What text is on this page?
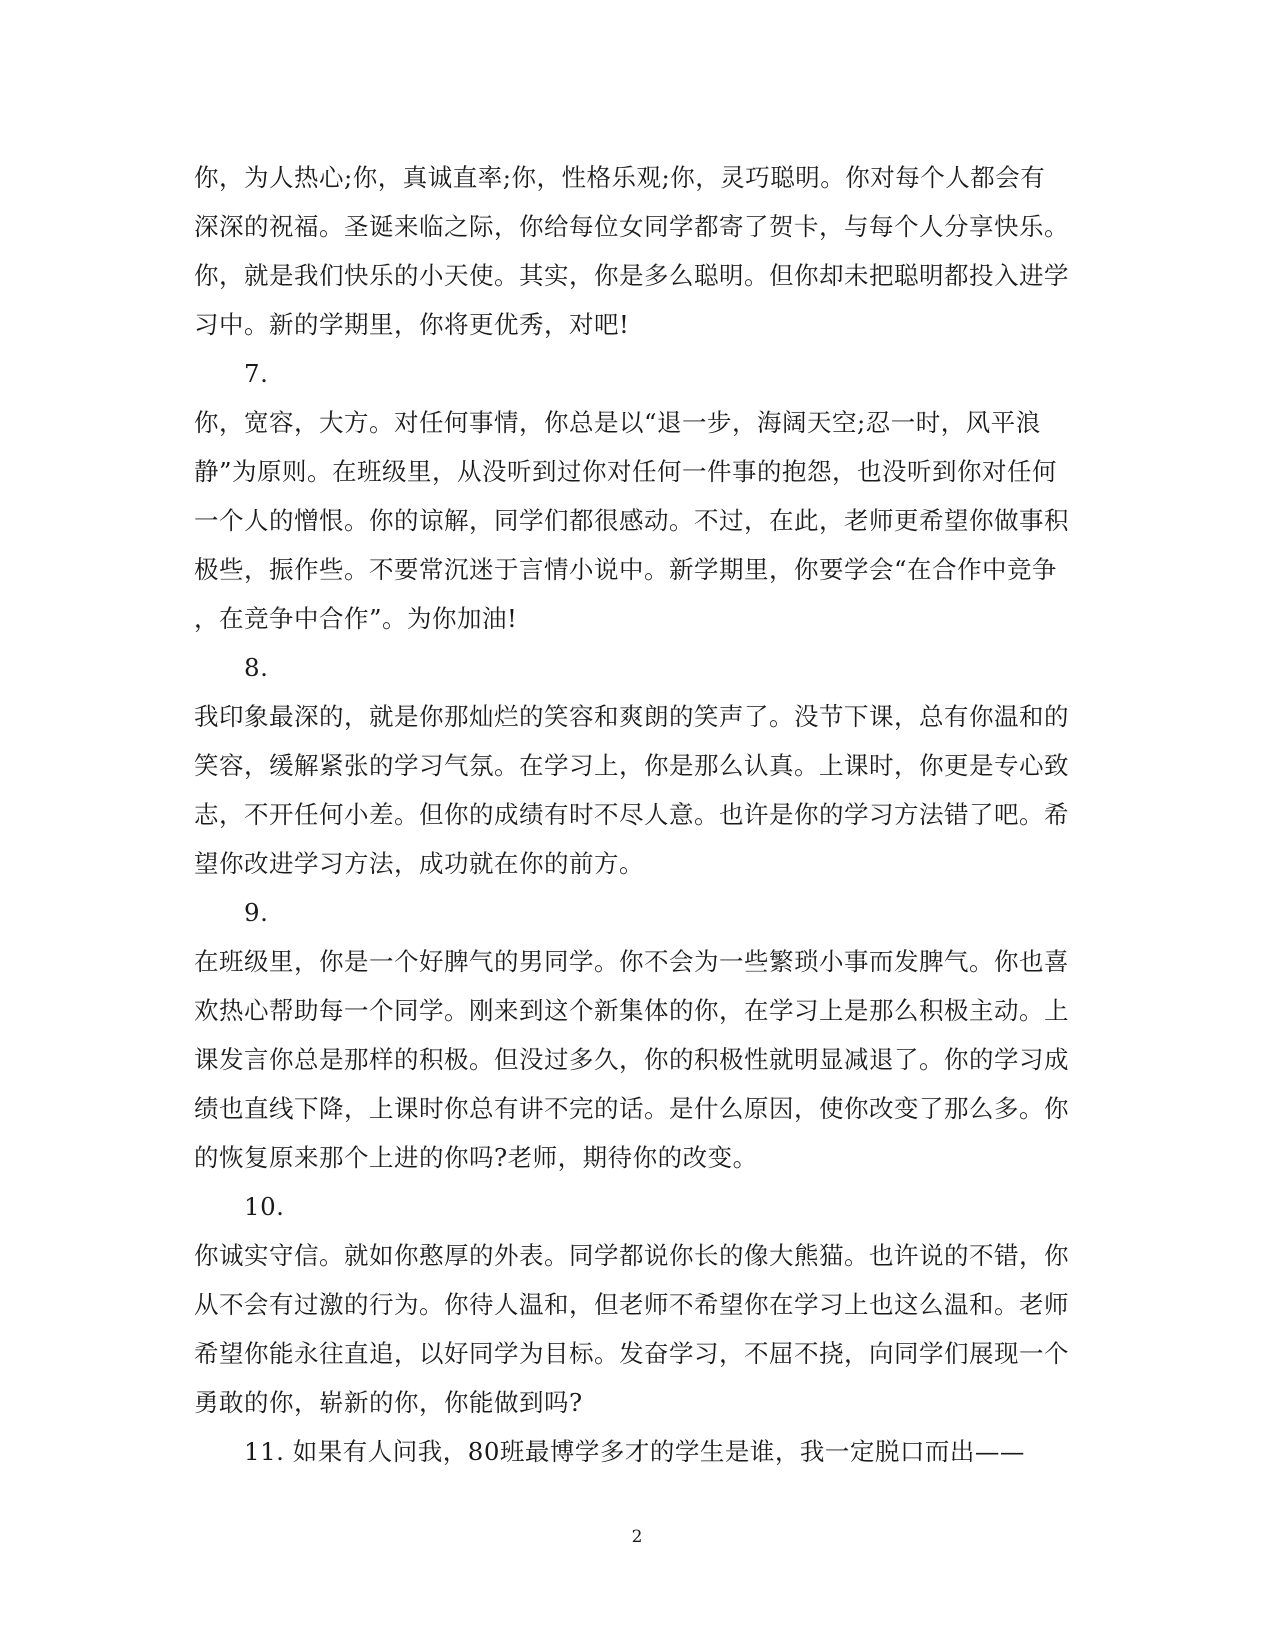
你，为人热心;你，真诚直率;你，性格乐观;你，灵巧聪明。你对每个人都会有
深深的祝福。圣诞来临之际，你给每位女同学都寄了贺卡，与每个人分享快乐。
你，就是我们快乐的小天使。其实，你是多么聪明。但你却未把聪明都投入进学
习中。新的学期里，你将更优秀，对吧!
7.
你，宽容，大方。对任何事情，你总是以“退一步，海阔天空;忍一时，风平浪
静”为原则。在班级里，从没听到过你对任何一件事的抱怨，也没听到你对任何
一个人的憎恨。你的谅解，同学们都很感动。不过，在此，老师更希望你做事积
极些，振作些。不要常沉迷于言情小说中。新学期里，你要学会“在合作中竞争
，在竞争中合作”。为你加油!
8.
我印象最深的，就是你那灿烂的笑容和爽朗的笑声了。没节下课，总有你温和的
笑容，缓解紧张的学习气氛。在学习上，你是那么认真。上课时，你更是专心致
志，不开任何小差。但你的成绩有时不尽人意。也许是你的学习方法错了吧。希
望你改进学习方法，成功就在你的前方。
9.
在班级里，你是一个好脾气的男同学。你不会为一些繁琐小事而发脾气。你也喜
欢热心帮助每一个同学。刚来到这个新集体的你，在学习上是那么积极主动。上
课发言你总是那样的积极。但没过多久，你的积极性就明显减退了。你的学习成
绩也直线下降，上课时你总有讲不完的话。是什么原因，使你改变了那么多。你
的恢复原来那个上进的你吗?老师，期待你的改变。
10.
你诚实守信。就如你憨厚的外表。同学都说你长的像大熊猫。也许说的不错，你
从不会有过激的行为。你待人温和，但老师不希望你在学习上也这么温和。老师
希望你能永往直追，以好同学为目标。发奋学习，不屈不挠，向同学们展现一个
勇敢的你，崭新的你，你能做到吗?
11. 如果有人问我，80班最博学多才的学生是谁，我一定脱口而出——
2
